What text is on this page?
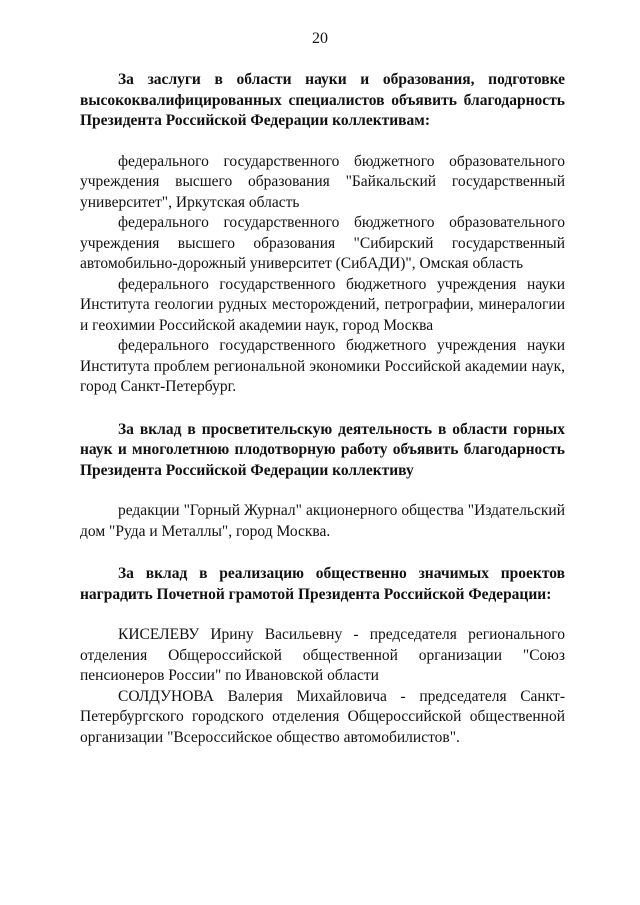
20

За заслуги в области науки и образования, подготовке высококвалифицированных специалистов объявить благодарность Президента Российской Федерации коллективам:

федерального государственного бюджетного образовательного учреждения высшего образования "Байкальский государственный университет", Иркутская область

федерального государственного бюджетного образовательного учреждения высшего образования "Сибирский государственный автомобильно-дорожный университет (СибАДИ)", Омская область

федерального государственного бюджетного учреждения науки Института геологии рудных месторождений, петрографии, минералогии и геохимии Российской академии наук, город Москва

федерального государственного бюджетного учреждения науки Института проблем региональной экономики Российской академии наук, город Санкт-Петербург.

За вклад в просветительскую деятельность в области горных наук и многолетнюю плодотворную работу объявить благодарность Президента Российской Федерации коллективу

редакции "Горный Журнал" акционерного общества "Издательский дом "Руда и Металлы", город Москва.

За вклад в реализацию общественно значимых проектов наградить Почетной грамотой Президента Российской Федерации:

КИСЕЛЕВУ Ирину Васильевну - председателя регионального отделения Общероссийской общественной организации "Союз пенсионеров России" по Ивановской области

СОЛДУНОВА Валерия Михайловича - председателя Санкт-Петербургского городского отделения Общероссийской общественной организации "Всероссийское общество автомобилистов".
